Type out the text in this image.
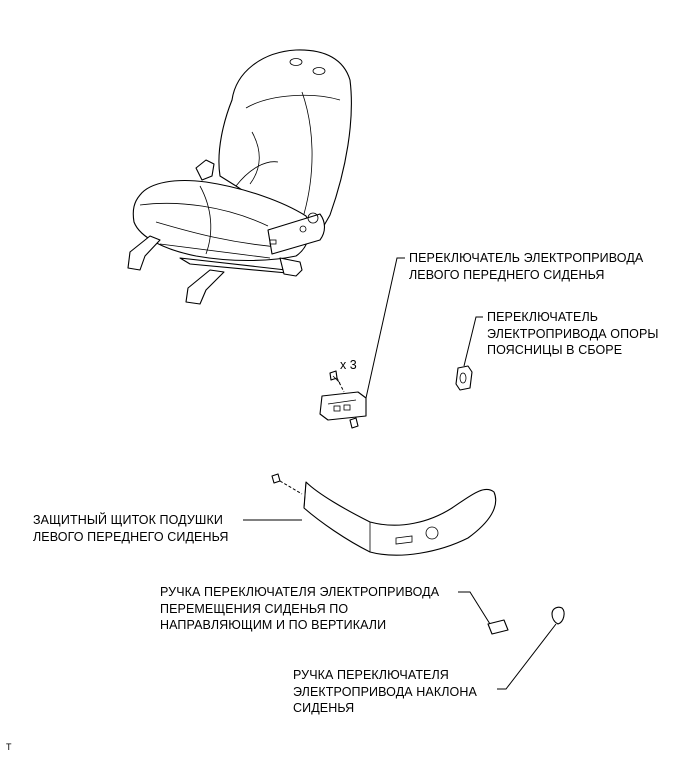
ПЕРЕКЛЮЧАТЕЛЬ ЭЛЕКТРОПРИВОДА
ЛЕВОГО ПЕРЕДНЕГО СИДЕНЬЯ
ПЕРЕКЛЮЧАТЕЛЬ
ЭЛЕКТРОПРИВОДА ОПОРЫ
ПОЯСНИЦЫ В СБОРЕ
x 3
ЗАЩИТНЫЙ ЩИТОК ПОДУШКИ
ЛЕВОГО ПЕРЕДНЕГО СИДЕНЬЯ
РУЧКА ПЕРЕКЛЮЧАТЕЛЯ ЭЛЕКТРОПРИВОДА
ПЕРЕМЕЩЕНИЯ СИДЕНЬЯ ПО
НАПРАВЛЯЮЩИМ И ПО ВЕРТИКАЛИ
РУЧКА ПЕРЕКЛЮЧАТЕЛЯ
ЭЛЕКТРОПРИВОДА НАКЛОНА
СИДЕНЬЯ
T
